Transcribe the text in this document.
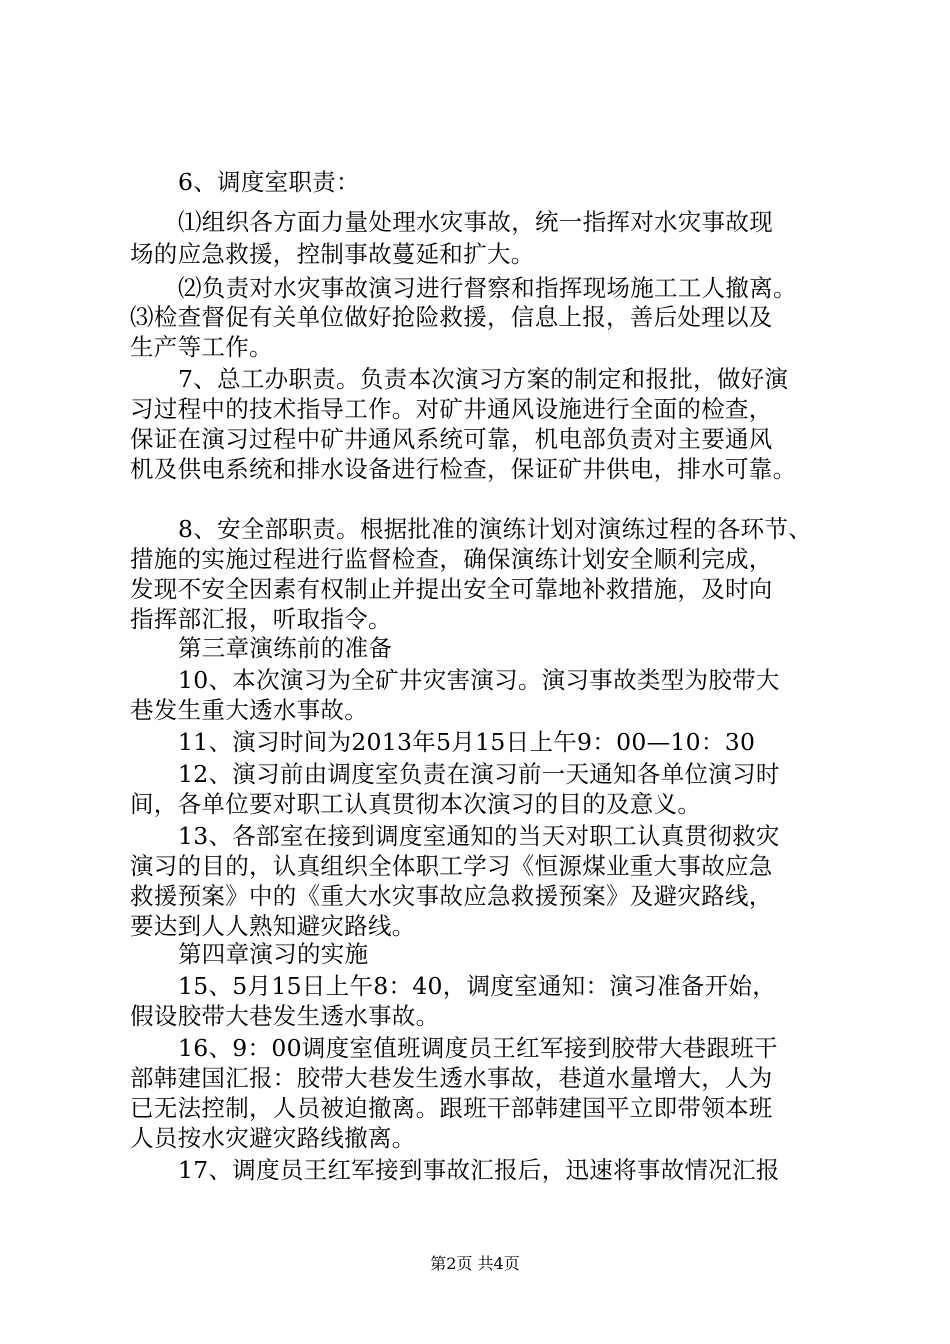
6、调度室职责：
⑴组织各方面力量处理水灾事故，统一指挥对水灾事故现
场的应急救援，控制事故蔓延和扩大。
⑵负责对水灾事故演习进行督察和指挥现场施工工人撤离。
⑶检查督促有关单位做好抢险救援，信息上报，善后处理以及
生产等工作。
7、总工办职责。负责本次演习方案的制定和报批，做好演
习过程中的技术指导工作。对矿井通风设施进行全面的检查，
保证在演习过程中矿井通风系统可靠，机电部负责对主要通风
机及供电系统和排水设备进行检查，保证矿井供电，排水可靠。
8、安全部职责。根据批准的演练计划对演练过程的各环节、
措施的实施过程进行监督检查，确保演练计划安全顺利完成，
发现不安全因素有权制止并提出安全可靠地补救措施，及时向
指挥部汇报，听取指令。
第三章演练前的准备
10、本次演习为全矿井灾害演习。演习事故类型为胶带大
巷发生重大透水事故。
11、演习时间为2013年5月15日上午9：00—10：30
12、演习前由调度室负责在演习前一天通知各单位演习时
间，各单位要对职工认真贯彻本次演习的目的及意义。
13、各部室在接到调度室通知的当天对职工认真贯彻救灾
演习的目的，认真组织全体职工学习《恒源煤业重大事故应急
救援预案》中的《重大水灾事故应急救援预案》及避灾路线，
要达到人人熟知避灾路线。
第四章演习的实施
15、5月15日上午8：40，调度室通知：演习准备开始，
假设胶带大巷发生透水事故。
16、9：00调度室值班调度员王红军接到胶带大巷跟班干
部韩建国汇报：胶带大巷发生透水事故，巷道水量增大，人为
已无法控制，人员被迫撤离。跟班干部韩建国平立即带领本班
人员按水灾避灾路线撤离。
17、调度员王红军接到事故汇报后，迅速将事故情况汇报
第2页 共4页
